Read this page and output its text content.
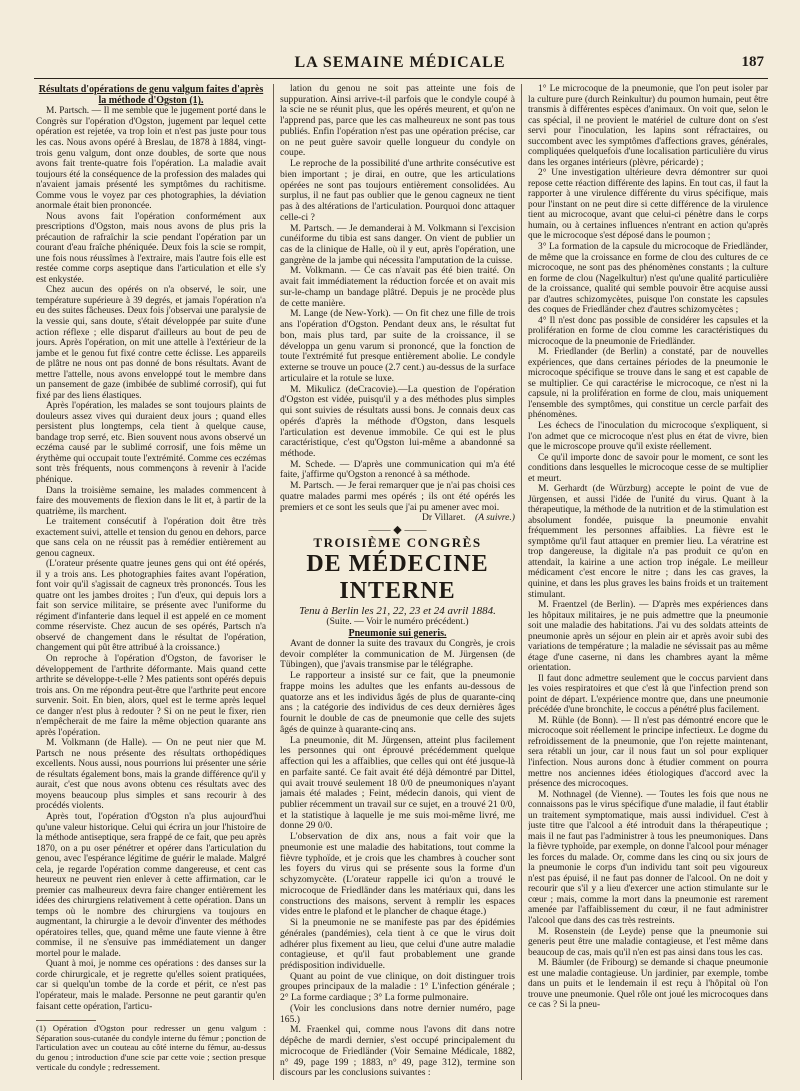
LA SEMAINE MÉDICALE	187

Résultats d'opérations de genu valgum faites d'après la méthode d'Ogston (1).

M. Partsch. — Il me semble que le jugement porté dans le Congrès sur l'opération d'Ogston, jugement par lequel cette opération est rejetée, va trop loin et n'est pas juste pour tous les cas. Nous avons opéré à Breslau, de 1878 à 1884, vingt-trois genu valgum, dont onze doubles, de sorte que nous avons fait trente-quatre fois l'opération. La maladie avait toujours été la conséquence de la profession des malades qui n'avaient jamais présenté les symptômes du rachitisme. Comme vous le voyez par ces photographies, la déviation anormale était bien prononcée.

Nous avons fait l'opération conformément aux prescriptions d'Ogston, mais nous avons de plus pris la précaution de rafraîchir la scie pendant l'opération par un courant d'eau fraîche phéniquée. Deux fois la scie se rompit, une fois nous réussîmes à l'extraire, mais l'autre fois elle est restée comme corps aseptique dans l'articulation et elle s'y est enkystée.

Chez aucun des opérés on n'a observé, le soir, une température supérieure à 39 degrés, et jamais l'opération n'a eu des suites fâcheuses. Deux fois j'observai une paralysie de la vessie qui, sans doute, s'était développée par suite d'une action réflexe ; elle disparut d'ailleurs au bout de peu de jours. Après l'opération, on mit une attelle à l'extérieur de la jambe et le genou fut fixé contre cette éclisse. Les appareils de plâtre ne nous ont pas donné de bons résultats. Avant de mettre l'attelle, nous avons enveloppé tout le membre dans un pansement de gaze (imbibée de sublimé corrosif), qui fut fixé par des liens élastiques.

Après l'opération, les malades se sont toujours plaints de douleurs assez vives qui duraient deux jours ; quand elles persistent plus longtemps, cela tient à quelque cause, bandage trop serré, etc. Bien souvent nous avons observé un eczéma causé par le sublimé corrosif, une fois même un érythème qui occupait toute l'extrémité. Comme ces eczémas sont très fréquents, nous commençons à revenir à l'acide phénique.

Dans la troisième semaine, les malades commencent à faire des mouvements de flexion dans le lit et, à partir de la quatrième, ils marchent.

Le traitement consécutif à l'opération doit être très exactement suivi, attelle et tension du genou en dehors, parce que sans cela on ne réussit pas à remédier entièrement au genou cagneux.

(L'orateur présente quatre jeunes gens qui ont été opérés, il y a trois ans. Les photographies faites avant l'opération, font voir qu'il s'agissait de cagneux très prononcés. Tous les quatre ont les jambes droites ; l'un d'eux, qui depuis lors a fait son service militaire, se présente avec l'uniforme du régiment d'infanterie dans lequel il est appelé en ce moment comme réserviste. Chez aucun de ses opérés, Partsch n'a observé de changement dans le résultat de l'opération, changement qui pût être attribué à la croissance.)

On reproche à l'opération d'Ogston, de favoriser le développement de l'arthrite déformante. Mais quand cette arthrite se développe-t-elle ? Mes patients sont opérés depuis trois ans. On me répondra peut-être que l'arthrite peut encore survenir. Soit. En bien, alors, quel est le terme après lequel ce danger n'est plus à redouter ? Si on ne peut le fixer, rien n'empêcherait de me faire la même objection quarante ans après l'opération.

M. Volkmann (de Halle). — On ne peut nier que M. Partsch ne nous présente des résultats orthopédiques excellents. Nous aussi, nous pourrions lui présenter une série de résultats également bons, mais la grande différence qu'il y aurait, c'est que nous avons obtenu ces résultats avec des moyens beaucoup plus simples et sans recourir à des procédés violents.

Après tout, l'opération d'Ogston n'a plus aujourd'hui qu'une valeur historique. Celui qui écrira un jour l'histoire de la méthode antiseptique, sera frappé de ce fait, que peu après 1870, on a pu oser pénétrer et opérer dans l'articulation du genou, avec l'espérance légitime de guérir le malade. Malgré cela, je regarde l'opération comme dangereuse, et cent cas heureux ne peuvent rien enlever à cette affirmation, car le premier cas malheureux devra faire changer entièrement les idées des chirurgiens relativement à cette opération. Dans un temps où le nombre des chirurgiens va toujours en augmentant, la chirurgie a le devoir d'inventer des méthodes opératoires telles, que, quand même une faute vienne à être commise, il ne s'ensuive pas immédiatement un danger mortel pour le malade.

Quant à moi, je nomme ces opérations : des danses sur la corde chirurgicale, et je regrette qu'elles soient pratiquées, car si quelqu'un tombe de la corde et périt, ce n'est pas l'opérateur, mais le malade. Personne ne peut garantir qu'en faisant cette opération, l'articu-

(1) Opération d'Ogston pour redresser un genu valgum : Séparation sous-cutanée du condyle interne du fémur ; ponction de l'articulation avec un couteau au côté interne du fémur, au-dessus du genou ; introduction d'une scie par cette voie ; section presque verticale du condyle ; redressement.

lation du genou ne soit pas atteinte une fois de suppuration. Ainsi arrive-t-il parfois que le condyle coupé à la scie ne se réunit plus, que les opérés meurent, et qu'on ne l'apprend pas, parce que les cas malheureux ne sont pas tous publiés. Enfin l'opération n'est pas une opération précise, car on ne peut guère savoir quelle longueur du condyle on coupe.

Le reproche de la possibilité d'une arthrite consécutive est bien important ; je dirai, en outre, que les articulations opérées ne sont pas toujours entièrement consolidées. Au surplus, il ne faut pas oublier que le genou cagneux ne tient pas à des altérations de l'articulation. Pourquoi donc attaquer celle-ci ?

M. Partsch. — Je demanderai à M. Volkmann si l'excision cunéiforme du tibia est sans danger. On vient de publier un cas de la clinique de Halle, où il y eut, après l'opération, une gangrène de la jambe qui nécessita l'amputation de la cuisse.

M. Volkmann. — Ce cas n'avait pas été bien traité. On avait fait immédiatement la réduction forcée et on avait mis sur-le-champ un bandage plâtré. Depuis je ne procède plus de cette manière.

M. Lange (de New-York). — On fit chez une fille de trois ans l'opération d'Ogston. Pendant deux ans, le résultat fut bon, mais plus tard, par suite de la croissance, il se développa un genu varum si prononcé, que la fonction de toute l'extrémité fut presque entièrement abolie. Le condyle externe se trouve un pouce (2.7 cent.) au-dessus de la surface articulaire et la rotule se luxe.

M. Mikulicz (deCracovie).—La question de l'opération d'Ogston est vidée, puisqu'il y a des méthodes plus simples qui sont suivies de résultats aussi bons. Je connais deux cas opérés d'après la méthode d'Ogston, dans lesquels l'articulation est devenue immobile. Ce qui est le plus caractéristique, c'est qu'Ogston lui-même a abandonné sa méthode.

M. Schede. — D'après une communication qui m'a été faite, j'affirme qu'Ogston a renoncé à sa méthode.

M. Partsch. — Je ferai remarquer que je n'ai pas choisi ces quatre malades parmi mes opérés ; ils ont été opérés les premiers et ce sont les seuls que j'ai pu amener avec moi.

Dr Villaret. (A suivre.)

—— ◆ ——

TROISIÈME CONGRÈS

DE MÉDECINE INTERNE

Tenu à Berlin les 21, 22, 23 et 24 avril 1884.

(Suite. — Voir le numéro précédent.)

Pneumonie sui generis.

Avant de donner la suite des travaux du Congrès, je crois devoir compléter la communication de M. Jürgensen (de Tübingen), que j'avais transmise par le télégraphe.

Le rapporteur a insisté sur ce fait, que la pneumonie frappe moins les adultes que les enfants au-dessous de quatorze ans et les individus âgés de plus de quarante-cinq ans ; la catégorie des individus de ces deux dernières âges fournit le double de cas de pneumonie que celle des sujets âgés de quinze à quarante-cinq ans.

La pneumonie, dit M. Jürgensen, atteint plus facilement les personnes qui ont éprouvé précédemment quelque affection qui les a affaiblies, que celles qui ont été jusque-là en parfaite santé. Ce fait avait été déjà démontré par Dittel, qui avait trouvé seulement 18 0/0 de pneumoniques n'ayant jamais été malades ; Feint, médecin danois, qui vient de publier récemment un travail sur ce sujet, en a trouvé 21 0/0, et la statistique à laquelle je me suis moi-même livré, me donne 29 0/0.

L'observation de dix ans, nous a fait voir que la pneumonie est une maladie des habitations, tout comme la fièvre typhoïde, et je crois que les chambres à coucher sont les foyers du virus qui se présente sous la forme d'un schyzomycète. (L'orateur rappelle ici qu'on a trouvé le microcoque de Friedländer dans les matériaux qui, dans les constructions des maisons, servent à remplir les espaces vides entre le plafond et le plancher de chaque étage.)

Si la pneumonie ne se manifeste pas par des épidémies générales (pandémies), cela tient à ce que le virus doit adhérer plus fixement au lieu, que celui d'une autre maladie contagieuse, et qu'il faut probablement une grande prédisposition individuelle.

Quant au point de vue clinique, on doit distinguer trois groupes principaux de la maladie : 1° L'infection générale ; 2° La forme cardiaque ; 3° La forme pulmonaire.

(Voir les conclusions dans notre dernier numéro, page 165.)

M. Fraenkel qui, comme nous l'avons dit dans notre dépêche de mardi dernier, s'est occupé principalement du microcoque de Friedländer (Voir Semaine Médicale, 1882, n° 49, page 199 ; 1883, n° 49, page 312), termine son discours par les conclusions suivantes :

1° Le microcoque de la pneumonie, que l'on peut isoler par la culture pure (durch Reinkultur) du poumon humain, peut être transmis à différentes espèces d'animaux. On voit que, selon le cas spécial, il ne provient le matériel de culture dont on s'est servi pour l'inoculation, les lapins sont réfractaires, ou succombent avec les symptômes d'affections graves, générales, compliquées quelquefois d'une localisation particulière du virus dans les organes intérieurs (plèvre, péricarde) ;

2° Une investigation ultérieure devra démontrer sur quoi repose cette réaction différente des lapins. En tout cas, il faut la rapporter à une virulence différente du virus spécifique, mais pour l'instant on ne peut dire si cette différence de la virulence tient au microcoque, avant que celui-ci pénètre dans le corps humain, ou à certaines influences n'entrant en action qu'après que le microcoque s'est déposé dans le poumon ;

3° La formation de la capsule du microcoque de Friedländer, de même que la croissance en forme de clou des cultures de ce microcoque, ne sont pas des phénomènes constants ; la culture en forme de clou (Nagelkultur) n'est qu'une qualité particulière de la croissance, qualité qui semble pouvoir être acquise aussi par d'autres schizomycètes, puisque l'on constate les capsules des coques de Friedländer chez d'autres schizomycètes ;

4° Il n'est donc pas possible de considérer les capsules et la prolifération en forme de clou comme les caractéristiques du microcoque de la pneumonie de Friedländer.

M. Friedlander (de Berlin) a constaté, par de nouvelles expériences, que dans certaines périodes de la pneumonie le microcoque spécifique se trouve dans le sang et est capable de se multiplier. Ce qui caractérise le microcoque, ce n'est ni la capsule, ni la prolifération en forme de clou, mais uniquement l'ensemble des symptômes, qui constitue un cercle parfait des phénomènes.

Les échecs de l'inoculation du microcoque s'expliquent, si l'on admet que ce microcoque n'est plus en état de vivre, bien que le microscope prouve qu'il existe réellement.

Ce qu'il importe donc de savoir pour le moment, ce sont les conditions dans lesquelles le microcoque cesse de se multiplier et meurt.

M. Gerhardt (de Würzburg) accepte le point de vue de Jürgensen, et aussi l'idée de l'unité du virus. Quant à la thérapeutique, la méthode de la nutrition et de la stimulation est absolument fondée, puisque la pneumonie envahit fréquemment les personnes affaiblies. La fièvre est le symptôme qu'il faut attaquer en premier lieu. La vératrine est trop dangereuse, la digitale n'a pas produit ce qu'on en attendait, la kairine a une action trop inégale. Le meilleur médicament c'est encore le nitre ; dans les cas graves, la quinine, et dans les plus graves les bains froids et un traitement stimulant.

M. Fraentzel (de Berlin). — D'après mes expériences dans les hôpitaux militaires, je ne puis admettre que la pneumonie soit une maladie des habitations. J'ai vu des soldats atteints de pneumonie après un séjour en plein air et après avoir subi des variations de température ; la maladie ne sévissait pas au même étage d'une caserne, ni dans les chambres ayant la même orientation.

Il faut donc admettre seulement que le coccus parvient dans les voies respiratoires et que c'est là que l'infection prend son point de départ. L'expérience montre que, dans une pneumonie précédée d'une bronchite, le coccus a pénétré plus facilement.

M. Rühle (de Bonn). — Il n'est pas démontré encore que le microcoque soit réellement le principe infectieux. Le dogme du refroidissement de la pneumonie, que l'on rejette maintenant, sera rétabli un jour, car il nous faut un sol pour expliquer l'infection. Nous aurons donc à étudier comment on pourra mettre nos anciennes idées étiologiques d'accord avec la présence des microcoques.

M. Nothnagel (de Vienne). — Toutes les fois que nous ne connaissons pas le virus spécifique d'une maladie, il faut établir un traitement symptomatique, mais aussi individuel. C'est à juste titre que l'alcool a été introduit dans la thérapeutique ; mais il ne faut pas l'administrer à tous les pneumoniques. Dans la fièvre typhoïde, par exemple, on donne l'alcool pour ménager les forces du malade. Or, comme dans les cinq ou six jours de la pneumonie le corps d'un individu tant soit peu vigoureux n'est pas épuisé, il ne faut pas donner de l'alcool. On ne doit y recourir que s'il y a lieu d'exercer une action stimulante sur le cœur ; mais, comme la mort dans la pneumonie est rarement amenée par l'affaiblissement du cœur, il ne faut administrer l'alcool que dans des cas très restreints.

M. Rosenstein (de Leyde) pense que la pneumonie sui generis peut être une maladie contagieuse, et l'est même dans beaucoup de cas, mais qu'il n'en est pas ainsi dans tous les cas.

M. Bäumler (de Fribourg) se demande si chaque pneumonie est une maladie contagieuse. Un jardinier, par exemple, tombe dans un puits et le lendemain il est reçu à l'hôpital où l'on trouve une pneumonie. Quel rôle ont joué les microcoques dans ce cas ? Si la pneu-
